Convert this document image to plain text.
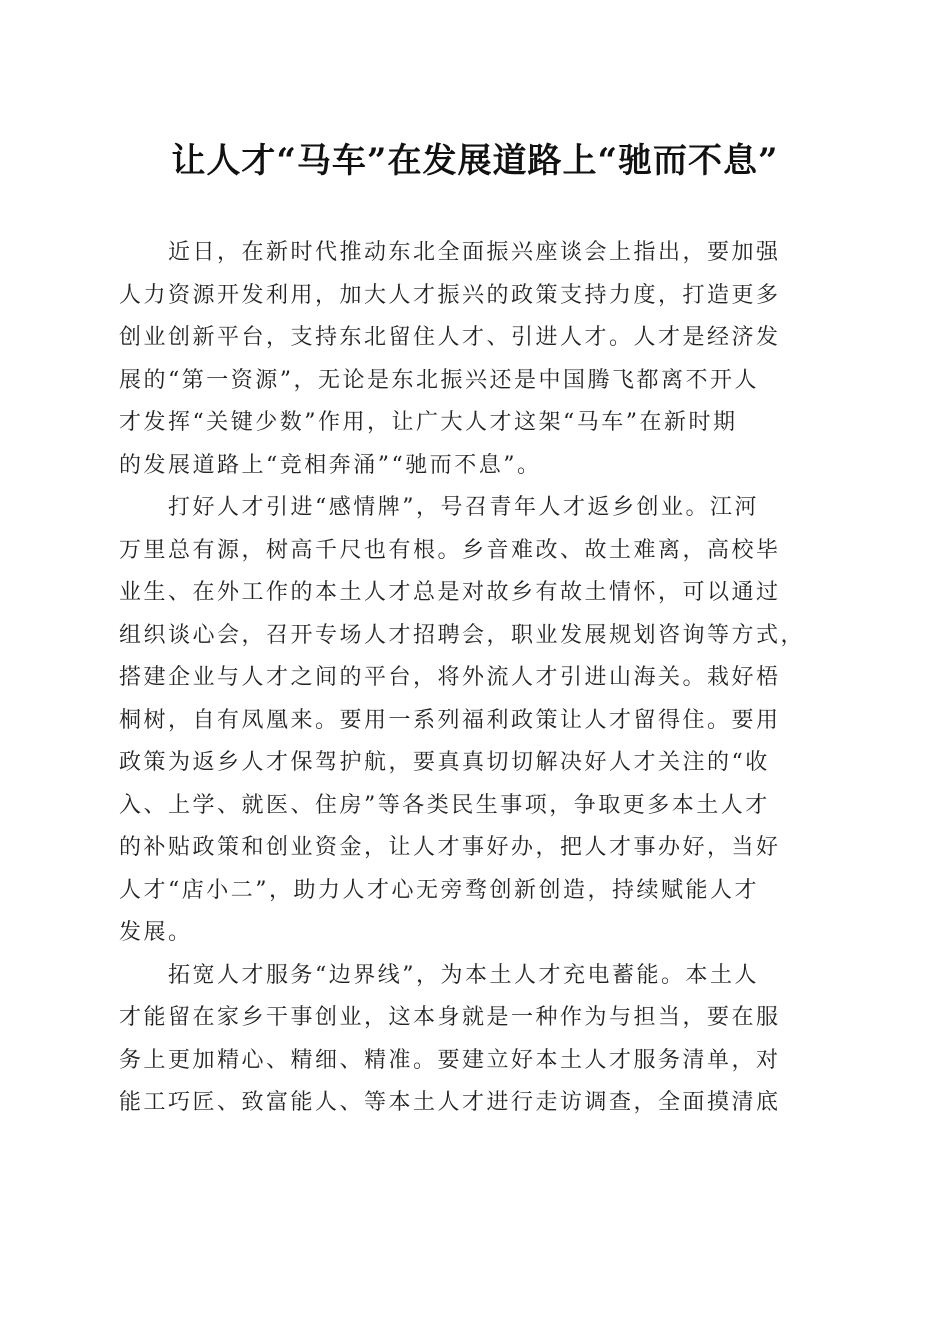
让人才“马车”在发展道路上“驰而不息”
近日，在新时代推动东北全面振兴座谈会上指出，要加强
人力资源开发利用，加大人才振兴的政策支持力度，打造更多
创业创新平台，支持东北留住人才、引进人才。人才是经济发
展的“第一资源”，无论是东北振兴还是中国腾飞都离不开人
才发挥“关键少数”作用，让广大人才这架“马车”在新时期
的发展道路上“竞相奔涌”“驰而不息”。
打好人才引进“感情牌”，号召青年人才返乡创业。江河
万里总有源，树高千尺也有根。乡音难改、故土难离，高校毕
业生、在外工作的本土人才总是对故乡有故土情怀，可以通过
组织谈心会，召开专场人才招聘会，职业发展规划咨询等方式，
搭建企业与人才之间的平台，将外流人才引进山海关。栽好梧
桐树，自有凤凰来。要用一系列福利政策让人才留得住。要用
政策为返乡人才保驾护航，要真真切切解决好人才关注的“收
入、上学、就医、住房”等各类民生事项，争取更多本土人才
的补贴政策和创业资金，让人才事好办，把人才事办好，当好
人才“店小二”，助力人才心无旁骛创新创造，持续赋能人才
发展。
拓宽人才服务“边界线”，为本土人才充电蓄能。本土人
才能留在家乡干事创业，这本身就是一种作为与担当，要在服
务上更加精心、精细、精准。要建立好本土人才服务清单，对
能工巧匠、致富能人、等本土人才进行走访调查，全面摸清底
